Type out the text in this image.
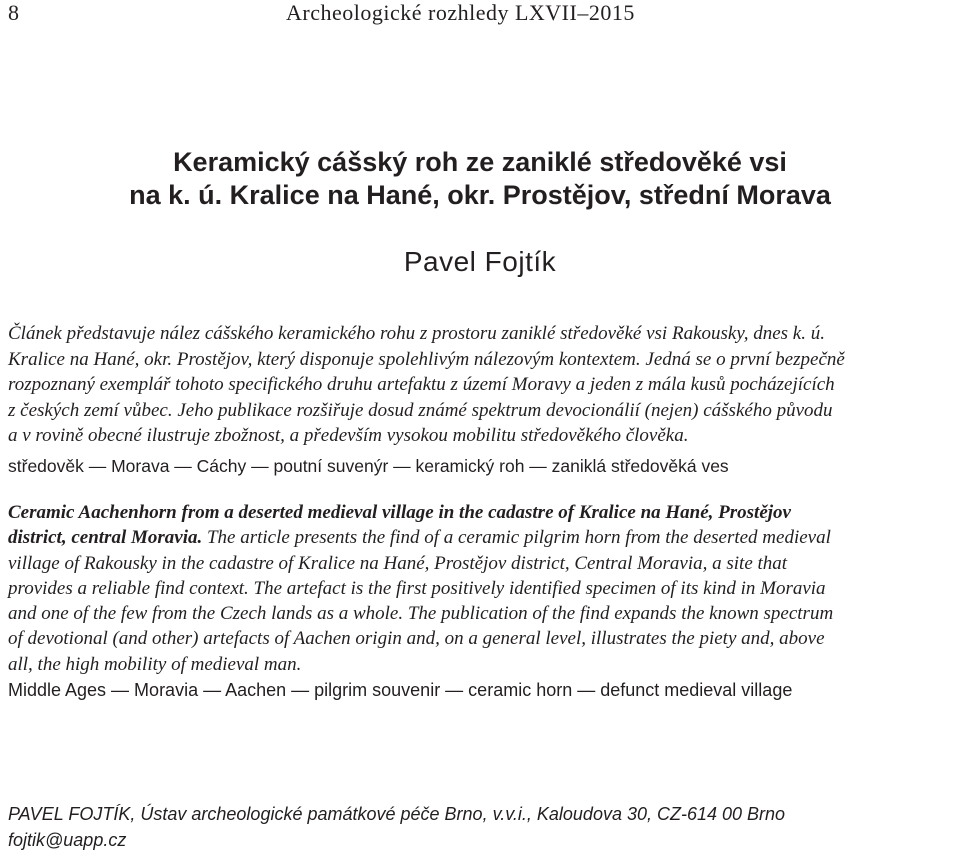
8	Archeologické rozhledy LXVII–2015
Keramický cášský roh ze zaniklé středověké vsi
na k. ú. Kralice na Hané, okr. Prostějov, střední Morava
Pavel Fojtík
Článek představuje nález cášského keramického rohu z prostoru zaniklé středověké vsi Rakousky, dnes k. ú.
Kralice na Hané, okr. Prostějov, který disponuje spolehlivým nálezovým kontextem. Jedná se o první bezpečně
rozpoznaný exemplář tohoto specifického druhu artefaktu z území Moravy a jeden z mála kusů pocházejících
z českých zemí vůbec. Jeho publikace rozšiřuje dosud známé spektrum devocionálií (nejen) cášského původu
a v rovině obecné ilustruje zbožnost, a především vysokou mobilitu středověkého člověka.
středověk — Morava — Cáchy — poutní suvenýr — keramický roh — zaniklá středověká ves
Ceramic Aachenhorn from a deserted medieval village in the cadastre of Kralice na Hané, Prostějov
district, central Moravia. The article presents the find of a ceramic pilgrim horn from the deserted medieval
village of Rakousky in the cadastre of Kralice na Hané, Prostějov district, Central Moravia, a site that
provides a reliable find context. The artefact is the first positively identified specimen of its kind in Moravia
and one of the few from the Czech lands as a whole. The publication of the find expands the known spectrum
of devotional (and other) artefacts of Aachen origin and, on a general level, illustrates the piety and, above
all, the high mobility of medieval man.
Middle Ages — Moravia — Aachen — pilgrim souvenir — ceramic horn — defunct medieval village
PAVEL FOJTÍK, Ústav archeologické památkové péče Brno, v.v.i., Kaloudova 30, CZ-614 00 Brno
fojtik@uapp.cz
